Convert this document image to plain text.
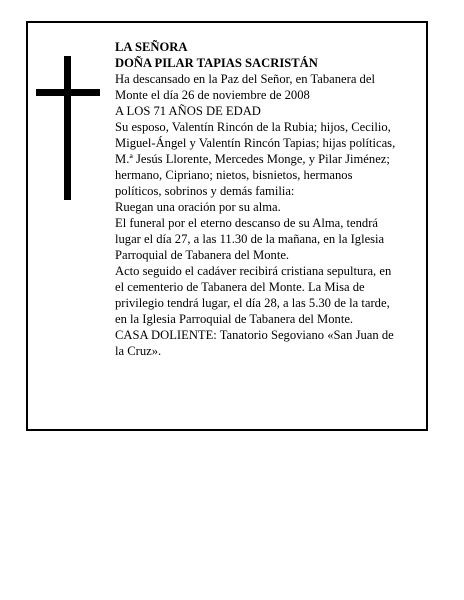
LA SEÑORA
DOÑA PILAR TAPIAS SACRISTÁN
Ha descansado en la Paz del Señor, en Tabanera del
Monte el día 26 de noviembre de 2008
A LOS 71 AÑOS DE EDAD
Su esposo, Valentín Rincón de la Rubia; hijos, Cecilio,
Miguel-Ángel y Valentín Rincón Tapias; hijas políticas,
M.ª Jesús Llorente, Mercedes Monge, y Pilar Jiménez;
hermano, Cipriano; nietos, bisnietos, hermanos
políticos, sobrinos y demás familia:
Ruegan una oración por su alma.
El funeral por el eterno descanso de su Alma, tendrá
lugar el día 27, a las 11.30 de la mañana, en la Iglesia
Parroquial de Tabanera del Monte.
Acto seguido el cadáver recibirá cristiana sepultura, en
el cementerio de Tabanera del Monte. La Misa de
privilegio tendrá lugar, el día 28, a las 5.30 de la tarde,
en la Iglesia Parroquial de Tabanera del Monte.
CASA DOLIENTE: Tanatorio Segoviano «San Juan de
la Cruz».
